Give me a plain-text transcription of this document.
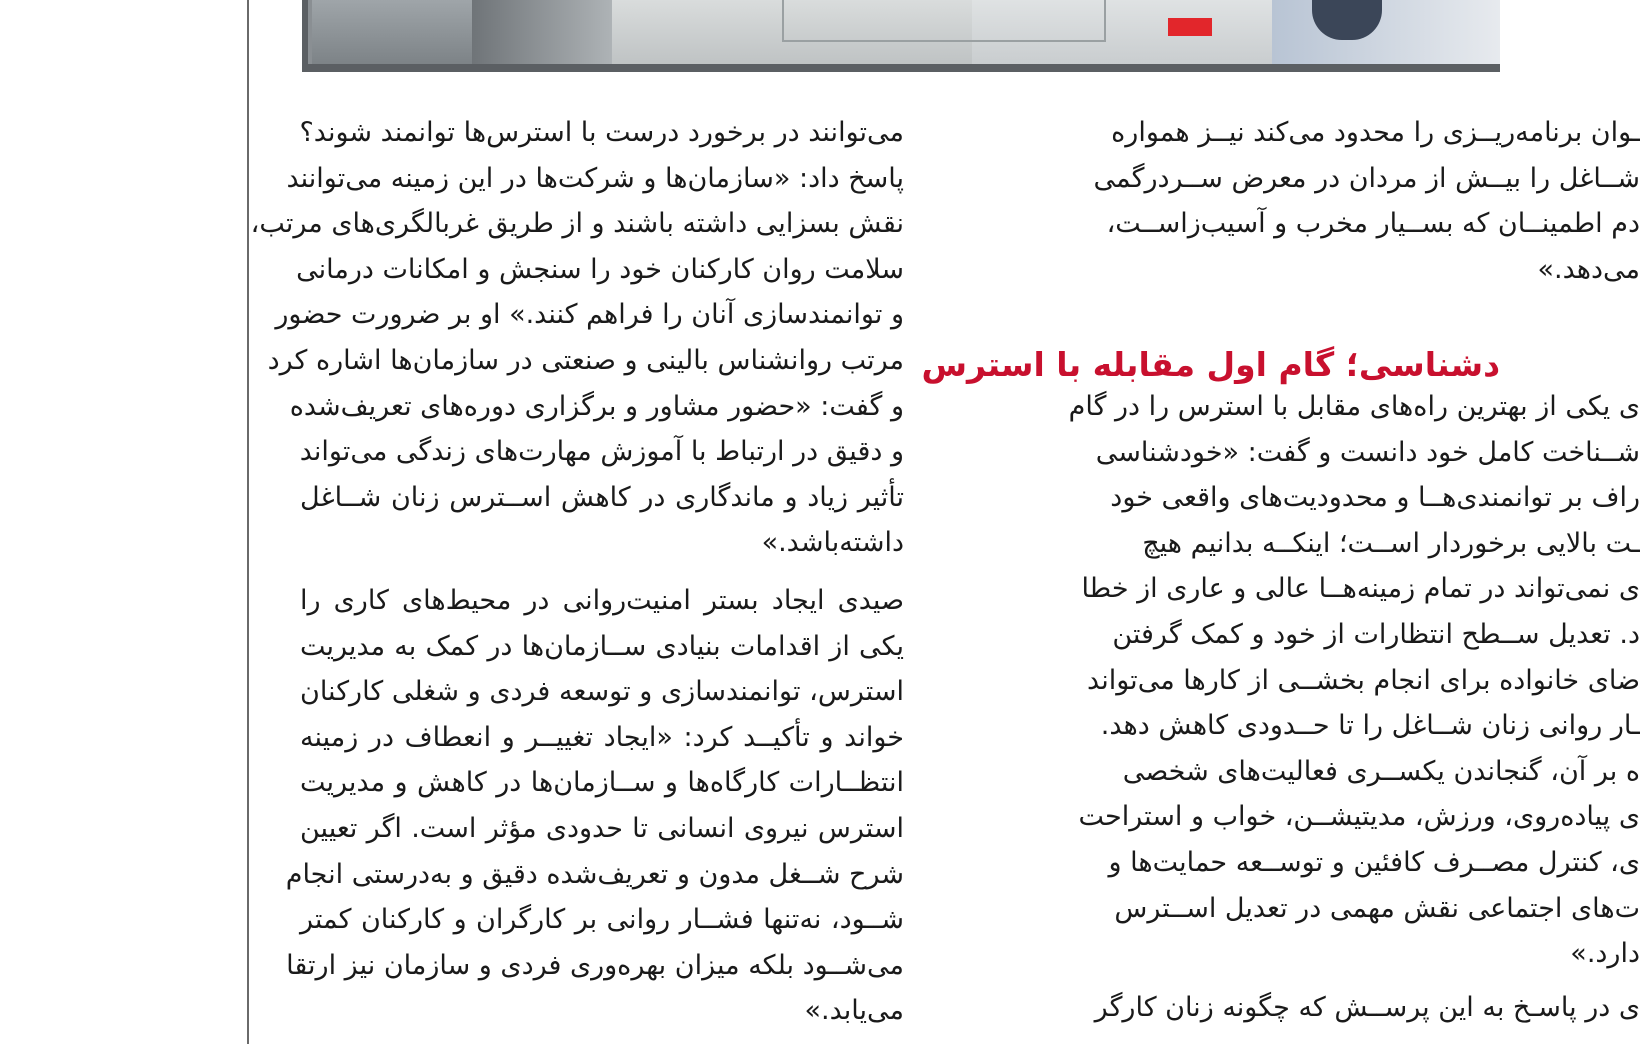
می‌توانند در برخورد درست با استرس‌ها توانمند شوند؟
پاسخ داد: «سازمان‌ها و شرکت‌ها در این زمینه می‌توانند
نقش بسزایی داشته باشند و از طریق غربالگری‌های مرتب،
سلامت روان کارکنان خود را سنجش و امکانات درمانی
و توانمندسازی آنان را فراهم کنند.» او بر ضرورت حضور
مرتب روانشناس بالینی و صنعتی در سازمان‌ها اشاره کرد
و گفت: «حضور مشاور و برگزاری دوره‌های تعریف‌شده
و دقیق در ارتباط با آموزش مهارت‌های زندگی می‌تواند
تأثیر زیاد و ماندگاری در کاهش اســترس زنان شــاغل
داشته‌باشد.»
صیدی ایجاد بستر امنیت‌روانی در محیط‌های کاری را
یکی از اقدامات بنیادی ســازمان‌ها در کمک به مدیریت
استرس، توانمندسازی و توسعه فردی و شغلی کارکنان
خواند و تأکیــد کرد: «ایجاد تغییــر و انعطاف در زمینه
انتظــارات کارگاه‌ها و ســازمان‌ها در کاهش و مدیریت
استرس نیروی انسانی تا حدودی مؤثر است. اگر تعیین
شرح شــغل مدون و تعریف‌شده دقیق و به‌درستی انجام
شــود، نه‌تنها فشــار روانی بر کارگران و کارکنان کمتر
می‌شــود بلکه میزان بهره‌وری فردی و سازمان نیز ارتقا
می‌یابد.»
ـوان برنامه‌ریــزی را محدود می‌کند نیــز همواره
شــاغل را بیــش از مردان در معرض ســردرگمی
دم اطمینــان که بســیار مخرب و آسیب‌زاســت،
می‌دهد.»
دشناسی؛ گام اول مقابله با استرس
ی یکی از بهترین راه‌های مقابل با استرس را در گام
شــناخت کامل خود دانست و گفت: «خودشناسی
راف بر توانمندی‌هــا و محدودیت‌های واقعی خود
ـت بالایی برخوردار اســت؛ اینکــه بدانیم هیچ
ی نمی‌تواند در تمام زمینه‌هــا عالی و عاری از خطا
د. تعدیل ســطح انتظارات از خود و کمک گرفتن
ضای خانواده برای انجام بخشــی از کارها می‌تواند
ـار روانی زنان شــاغل را تا حــدودی کاهش دهد.
ه بر آن، گنجاندن یکســری فعالیت‌های شخصی
ی پیاده‌روی، ورزش، مدیتیشــن، خواب و استراحت
ی، کنترل مصــرف کافئین و توســعه حمایت‌ها و
ت‌های اجتماعی نقش مهمی در تعدیل اســترس
دارد.»
ی در پاسـخ به این پرســش که چگونه زنان کارگر
